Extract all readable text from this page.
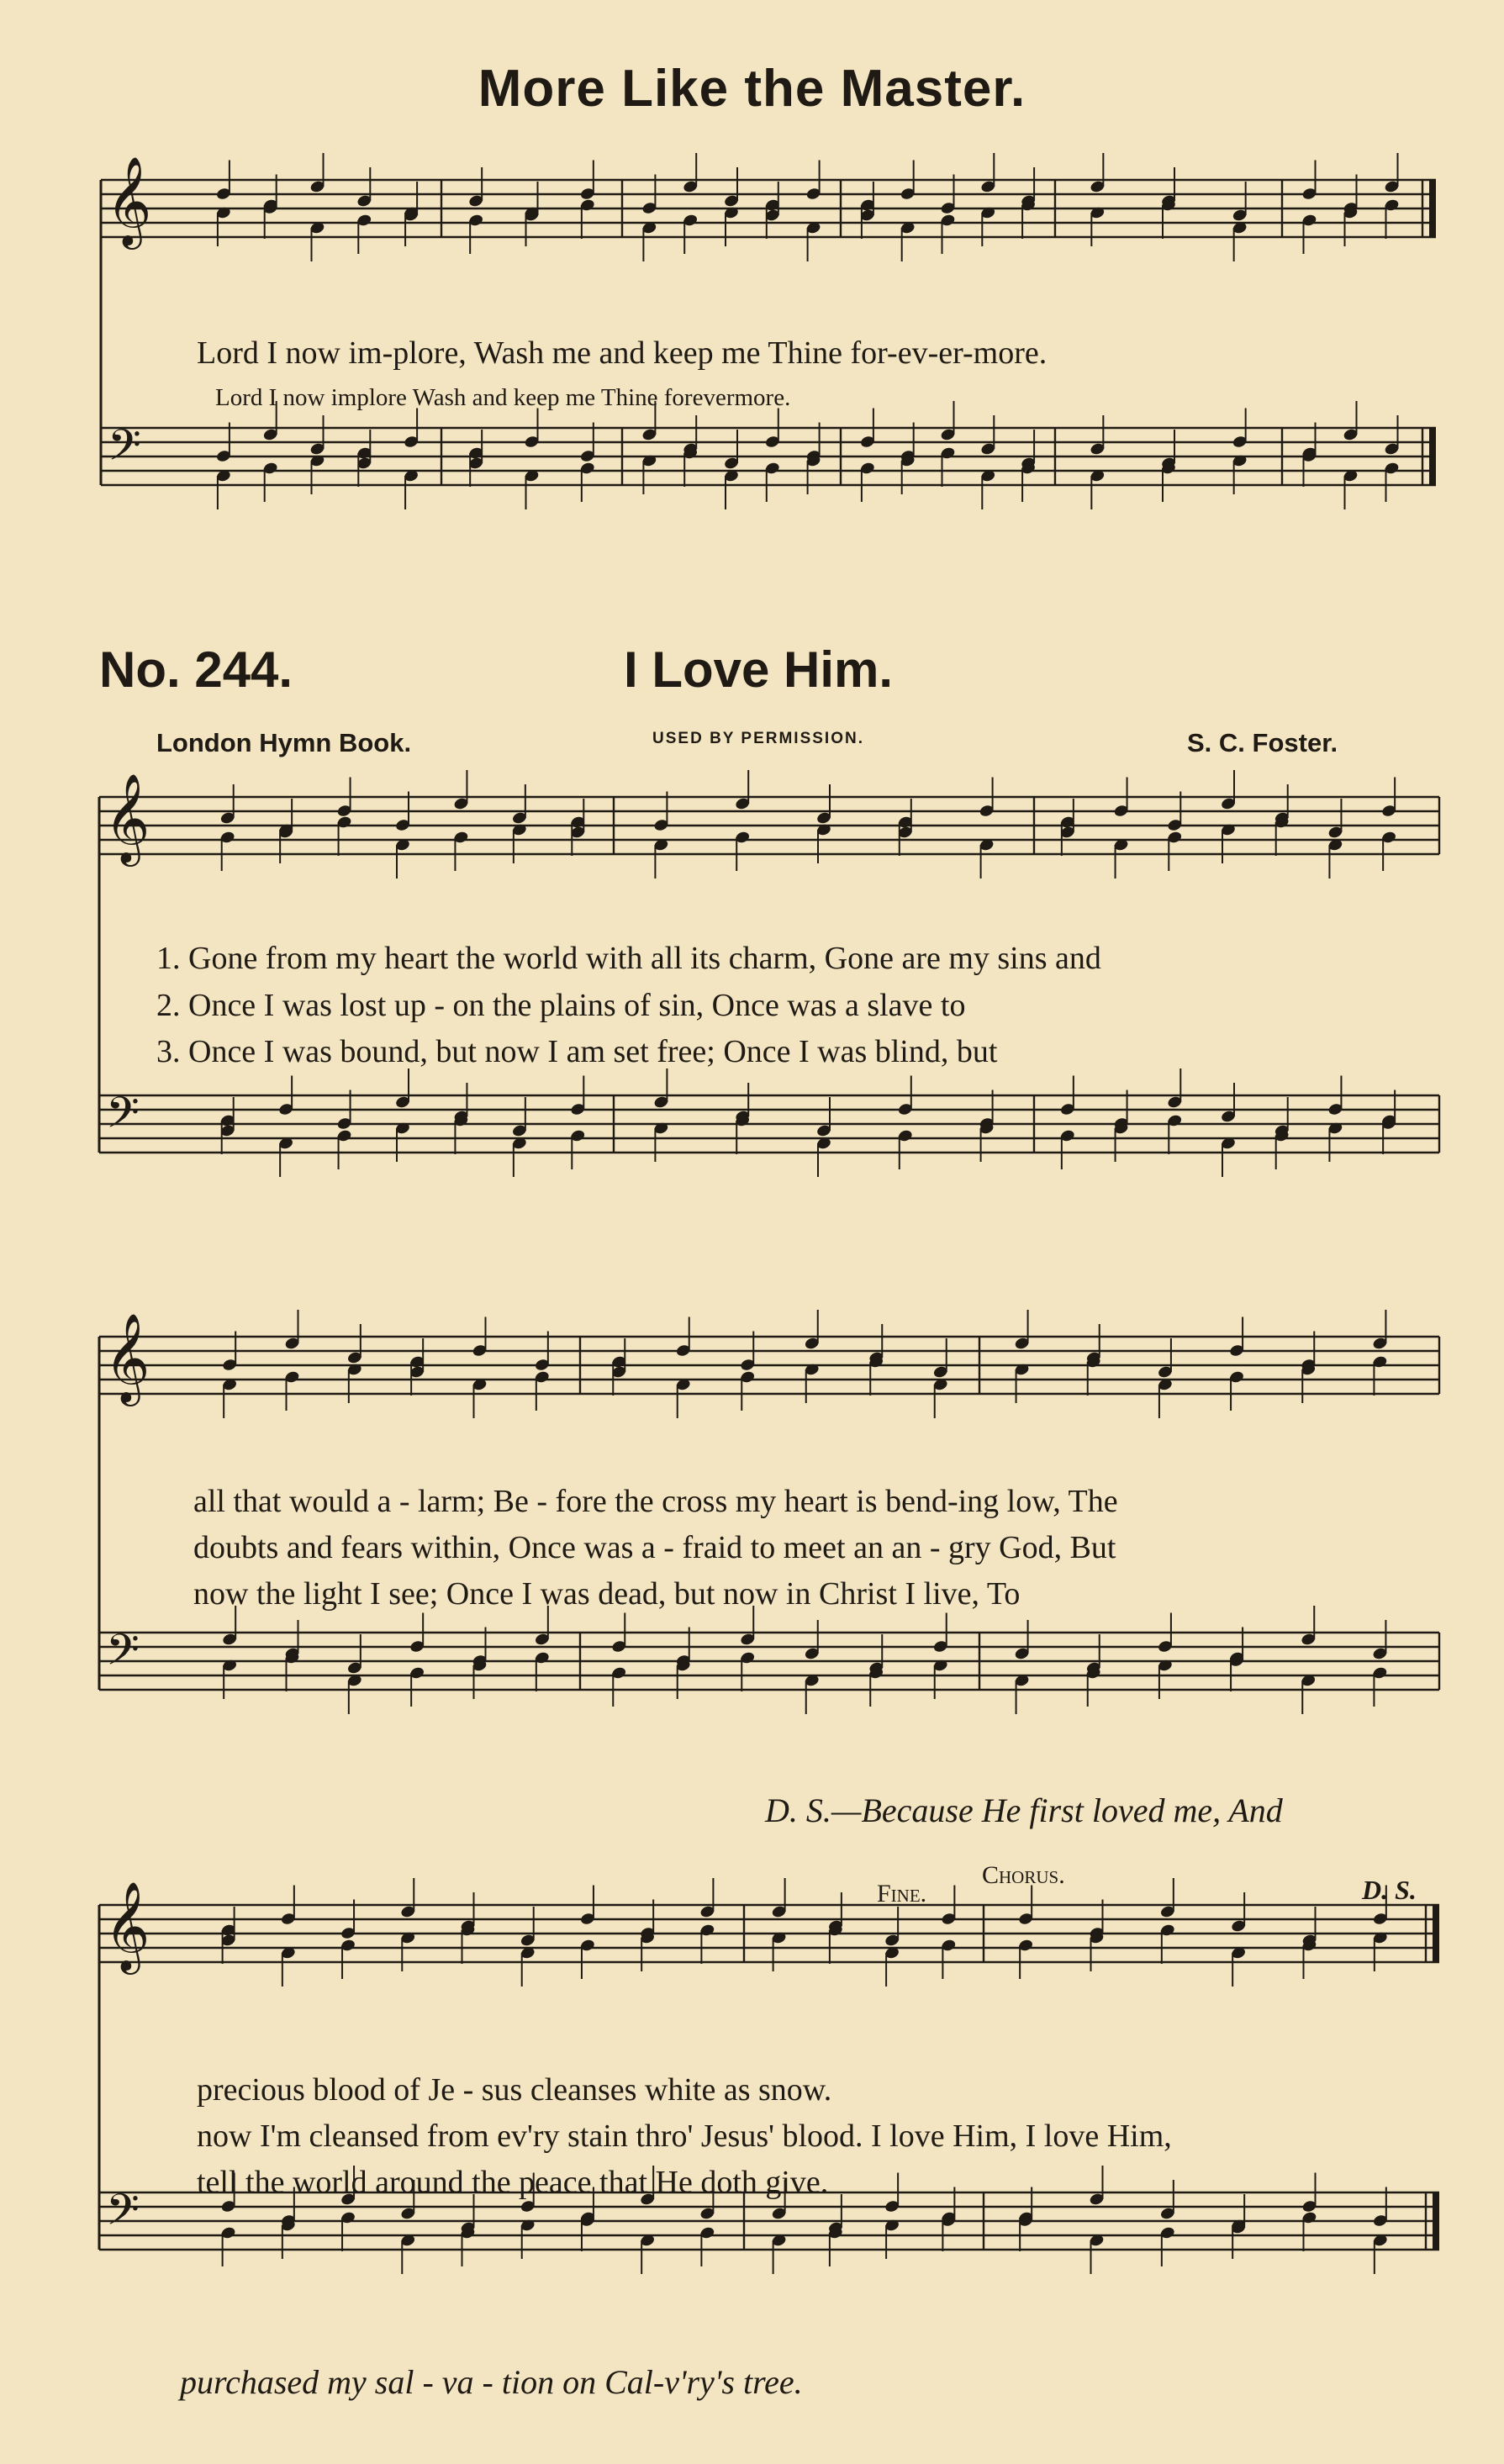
𝄞
𝄢
𝄞
𝄢
𝄞
𝄢
𝄞
𝄢
More Like the Master.
Lord I now im-plore, Wash me and keep me Thine for-ev-er-more.
Lord I now implore Wash and keep me Thine forevermore.
No. 244.	I Love Him.
London Hymn Book.	USED BY PERMISSION.	S. C. Foster.
1. Gone from my heart the world with all its charm, Gone are my sins and
2. Once I was lost up - on the plains of sin, Once was a slave to
3. Once I was bound, but now I am set free; Once I was blind, but
all that would a - larm; Be - fore the cross my heart is bend-ing low, The
doubts and fears within, Once was a - fraid to meet an an - gry God, But
now the light I see; Once I was dead, but now in Christ I live, To
D. S.—Because He first loved me, And
Fine.
Chorus.	D. S.
precious blood of Je - sus cleanses white as snow.
now I'm cleansed from ev'ry stain thro' Jesus' blood. I love Him, I love Him,
tell the world around the peace that He doth give.
purchased my sal - va - tion on Cal-v'ry's tree.
